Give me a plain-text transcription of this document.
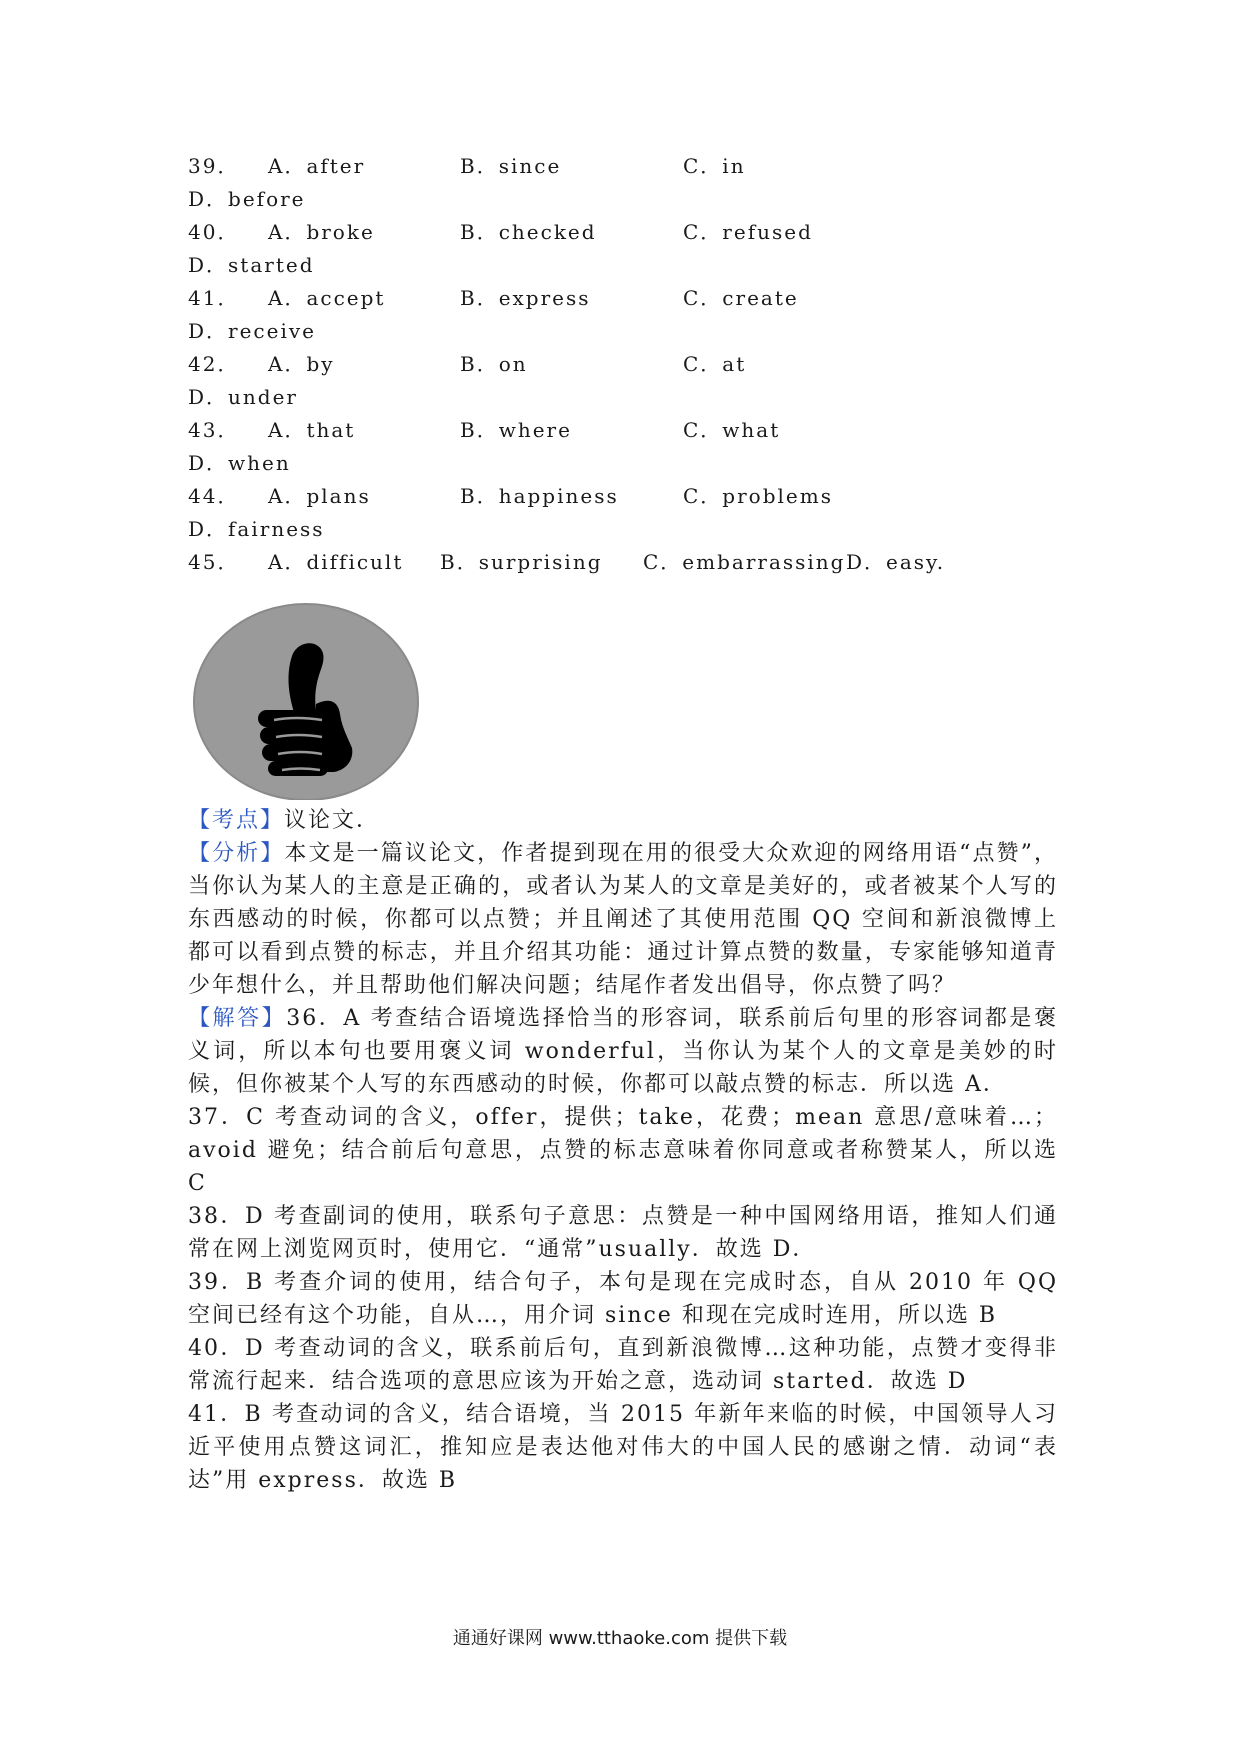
39． A．after	B．since	C．in
D．before
40． A．broke	B．checked	C．refused
D．started
41． A．accept	B．express	C．create
D．receive
42． A．by	B．on	C．at
D．under
43． A．that	B．where	C．what
D．when
44． A．plans	B．happiness	C．problems
D．fairness
45． A．difficult B．surprising C．embarrassing D．easy.
【考点】议论文．
【分析】本文是一篇议论文，作者提到现在用的很受大众欢迎的网络用语“点赞”，当你认为某人的主意是正确的，或者认为某人的文章是美好的，或者被某个人写的东西感动的时候，你都可以点赞；并且阐述了其使用范围 QQ 空间和新浪微博上都可以看到点赞的标志，并且介绍其功能：通过计算点赞的数量，专家能够知道青少年想什么，并且帮助他们解决问题；结尾作者发出倡导，你点赞了吗？
【解答】36．A 考查结合语境选择恰当的形容词，联系前后句里的形容词都是褒义词，所以本句也要用褒义词 wonderful，当你认为某个人的文章是美妙的时候，但你被某个人写的东西感动的时候，你都可以敲点赞的标志．所以选 A．
37．C 考查动词的含义，offer，提供；take，花费；mean 意思/意味着…；avoid 避免；结合前后句意思，点赞的标志意味着你同意或者称赞某人，所以选 C
38．D 考查副词的使用，联系句子意思：点赞是一种中国网络用语，推知人们通常在网上浏览网页时，使用它．“通常”usually．故选 D．
39．B 考查介词的使用，结合句子，本句是现在完成时态，自从 2010 年 QQ 空间已经有这个功能，自从…，用介词 since 和现在完成时连用，所以选 B
40．D 考查动词的含义，联系前后句，直到新浪微博…这种功能，点赞才变得非常流行起来．结合选项的意思应该为开始之意，选动词 started．故选 D
41．B 考查动词的含义，结合语境，当 2015 年新年来临的时候，中国领导人习近平使用点赞这词汇，推知应是表达他对伟大的中国人民的感谢之情．动词“表达”用 express．故选 B
通通好课网 www.tthaoke.com 提供下载
